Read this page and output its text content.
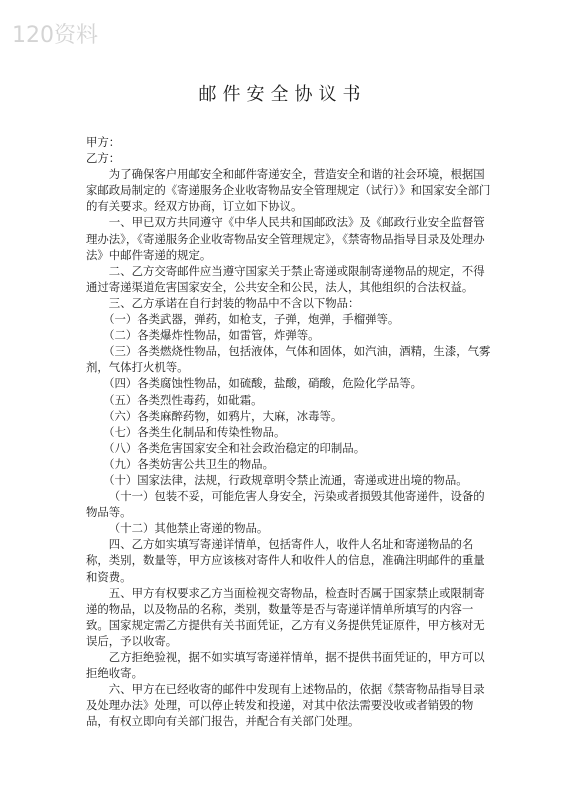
120资料
邮件安全协议书

甲方：

乙方：

为了确保客户用邮安全和邮件寄递安全，营造安全和谐的社会环境，根据国家邮政局制定的《寄递服务企业收寄物品安全管理规定（试行）》和国家安全部门的有关要求。经双方协商，订立如下协议。

一、甲已双方共同遵守《中华人民共和国邮政法》及《邮政行业安全监督管理办法》，《寄递服务企业收寄物品安全管理规定》，《禁寄物品指导目录及处理办法》中邮件寄递的规定。

二、乙方交寄邮件应当遵守国家关于禁止寄递或限制寄递物品的规定，不得通过寄递渠道危害国家安全，公共安全和公民，法人，其他组织的合法权益。

三、乙方承诺在自行封装的物品中不含以下物品：

（一）各类武器，弹药，如枪支，子弹，炮弹，手榴弹等。

（二）各类爆炸性物品，如雷管，炸弹等。

（三）各类燃烧性物品，包括液体，气体和固体，如汽油，酒精，生漆，气雾剂，气体打火机等。

（四）各类腐蚀性物品，如硫酸，盐酸，硝酸，危险化学品等。

（五）各类烈性毒药，如砒霜。

（六）各类麻醉药物，如鸦片，大麻，冰毒等。

（七）各类生化制品和传染性物品。

（八）各类危害国家安全和社会政治稳定的印制品。

（九）各类妨害公共卫生的物品。

（十）国家法律，法规，行政规章明令禁止流通，寄递或进出境的物品。

（十一）包装不妥，可能危害人身安全，污染或者损毁其他寄递件，设备的物品等。

（十二）其他禁止寄递的物品。

四、乙方如实填写寄递详情单，包括寄件人，收件人名址和寄递物品的名称，类别，数量等，甲方应该核对寄件人和收件人的信息，准确注明邮件的重量和资费。

五、甲方有权要求乙方当面检视交寄物品，检查时否属于国家禁止或限制寄递的物品，以及物品的名称，类别，数量等是否与寄递详情单所填写的内容一致。国家规定需乙方提供有关书面凭证，乙方有义务提供凭证原件，甲方核对无误后，予以收寄。

乙方拒绝验视，据不如实填写寄递祥情单，据不提供书面凭证的，甲方可以拒绝收寄。

六、甲方在已经收寄的邮件中发现有上述物品的，依据《禁寄物品指导目录及处理办法》处理，可以停止转发和投递，对其中依法需要没收或者销毁的物品，有权立即向有关部门报告，并配合有关部门处理。
